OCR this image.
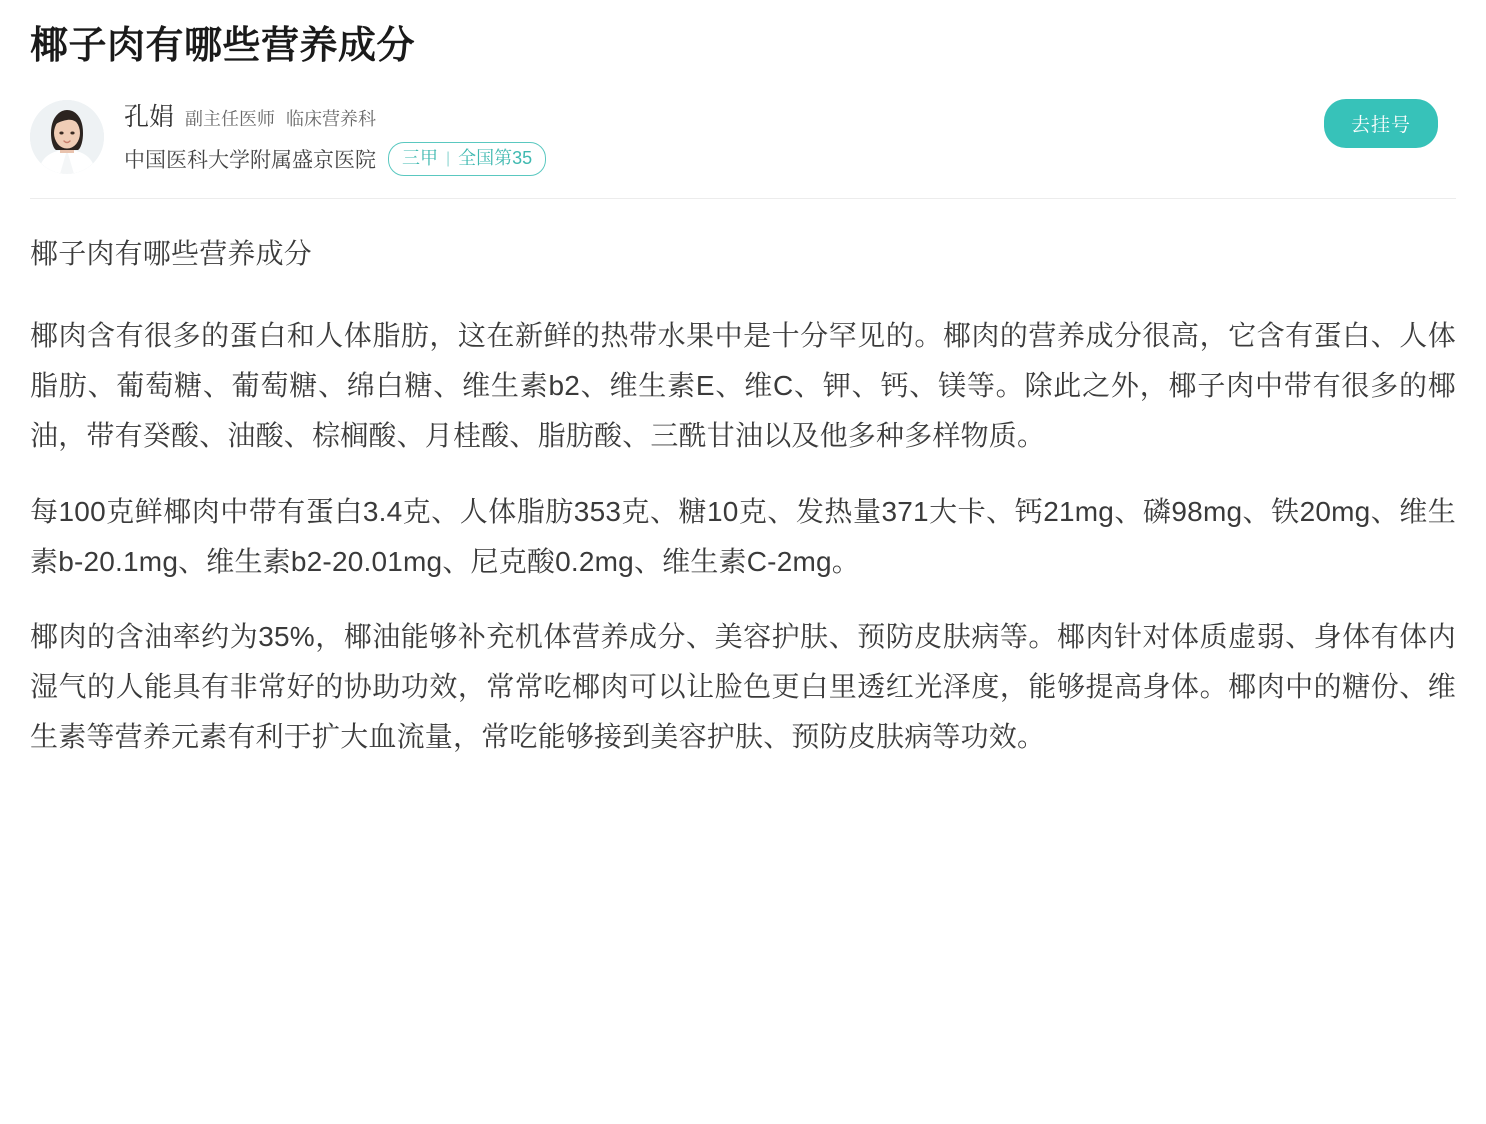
椰子肉有哪些营养成分
孔娟 副主任医师 临床营养科
中国医科大学附属盛京医院 三甲 | 全国第35
去挂号
椰子肉有哪些营养成分

椰肉含有很多的蛋白和人体脂肪，这在新鲜的热带水果中是十分罕见的。椰肉的营养成分很高，它含有蛋白、人体脂肪、葡萄糖、葡萄糖、绵白糖、维生素b2、维生素E、维C、钾、钙、镁等。除此之外，椰子肉中带有很多的椰油，带有癸酸、油酸、棕榈酸、月桂酸、脂肪酸、三酰甘油以及他多种多样物质。

每100克鲜椰肉中带有蛋白3.4克、人体脂肪353克、糖10克、发热量371大卡、钙21mg、磷98mg、铁20mg、维生素b-20.1mg、维生素b2-20.01mg、尼克酸0.2mg、维生素C-2mg。

椰肉的含油率约为35%，椰油能够补充机体营养成分、美容护肤、预防皮肤病等。椰肉针对体质虚弱、身体有体内湿气的人能具有非常好的协助功效，常常吃椰肉可以让脸色更白里透红光泽度，能够提高身体。椰肉中的糖份、维生素等营养元素有利于扩大血流量，常吃能够接到美容护肤、预防皮肤病等功效。
